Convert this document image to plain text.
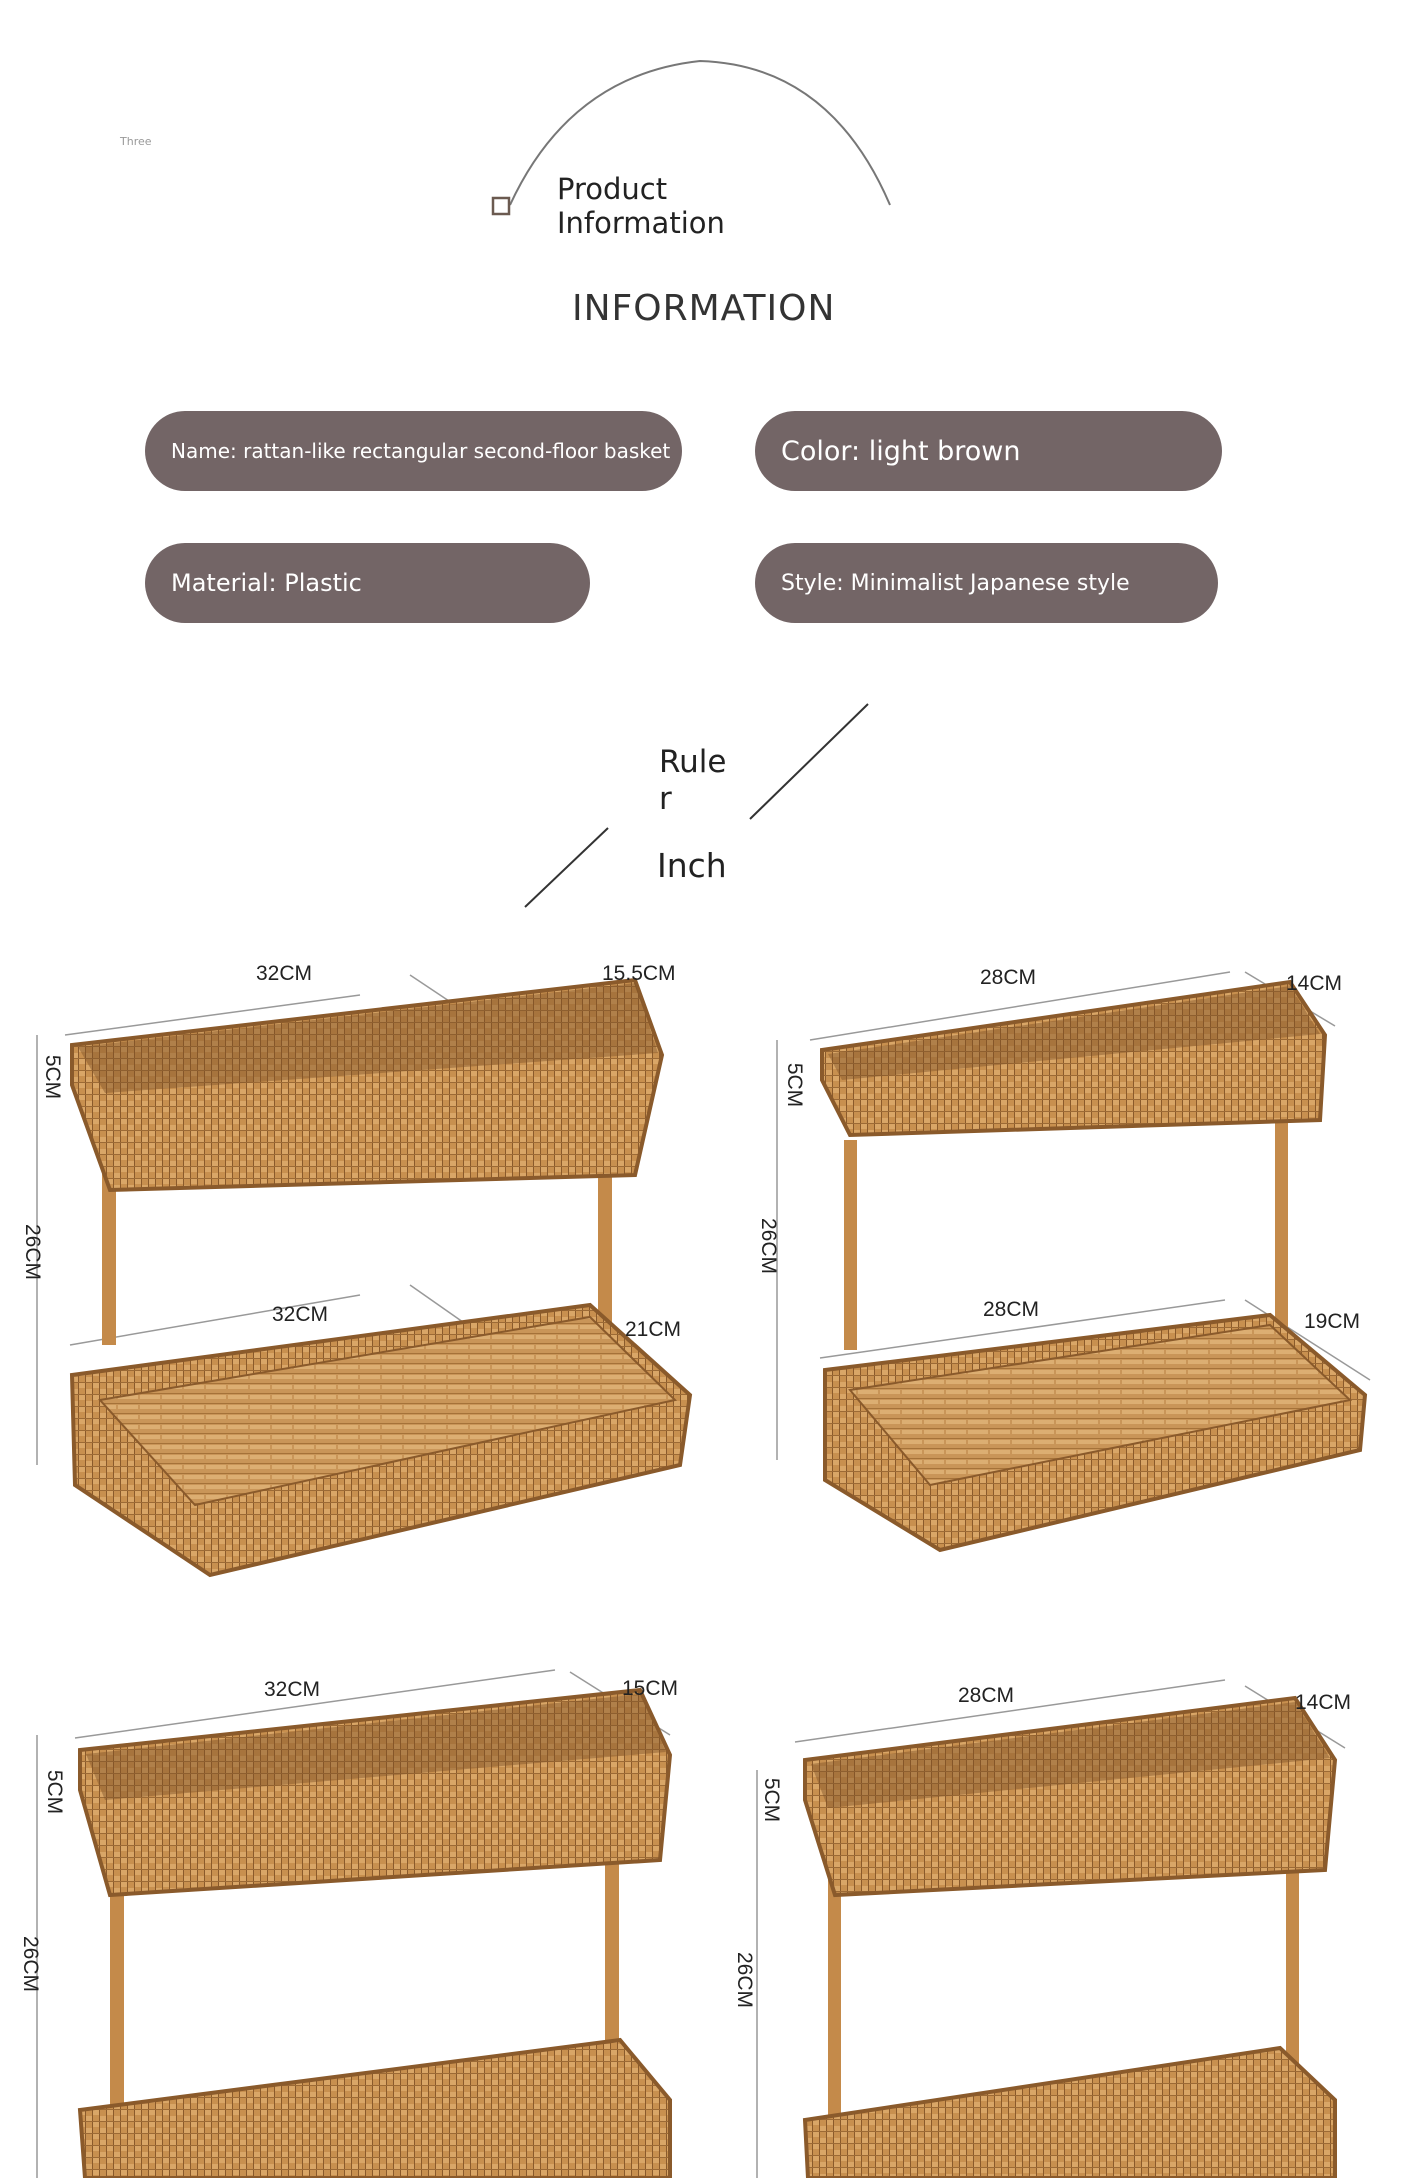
Three
Product
Information
INFORMATION
Name: rattan-like rectangular second-floor basket	Color: light brown
Material: Plastic	Style: Minimalist Japanese style
Rule
r
Inch
32CM	15.5CM
5CM
26CM
32CM
21CM
28CM	14CM
5CM
26CM
28CM
19CM
32CM	15CM
5CM
26CM
28CM	14CM
5CM
26CM
